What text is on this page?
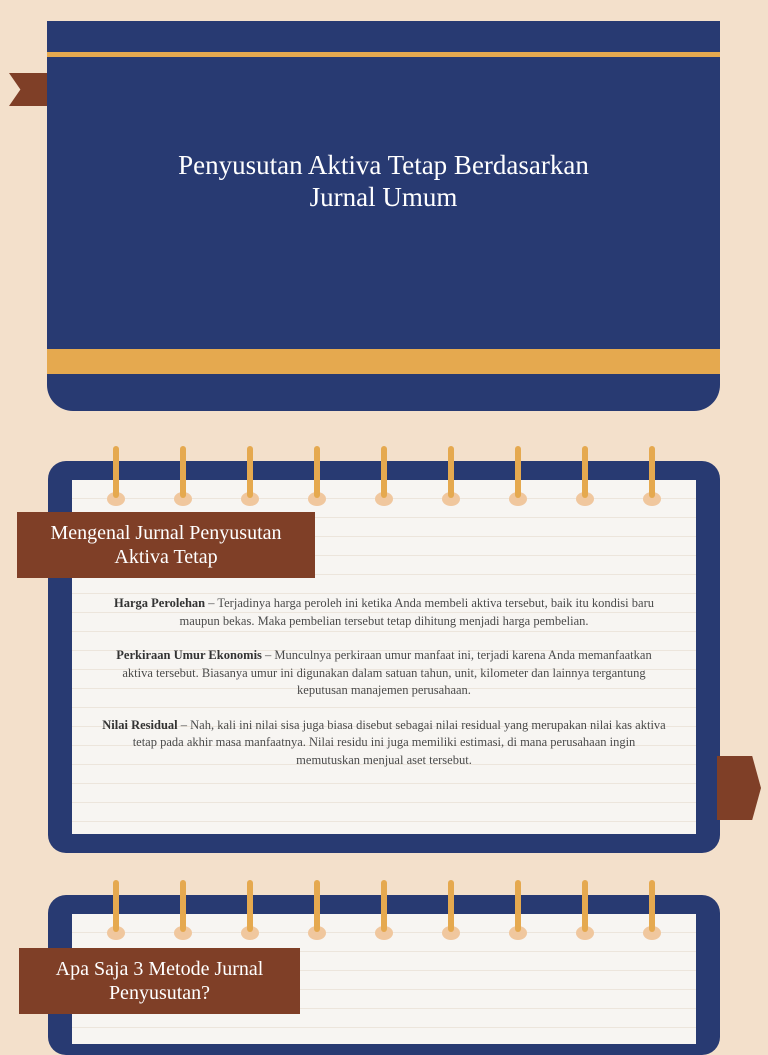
Penyusutan Aktiva Tetap Berdasarkan
Jurnal Umum
Mengenal Jurnal Penyusutan
Aktiva Tetap

Harga Perolehan – Terjadinya harga peroleh ini ketika Anda membeli aktiva tersebut, baik itu kondisi baru maupun bekas. Maka pembelian tersebut tetap dihitung menjadi harga pembelian.

Perkiraan Umur Ekonomis – Munculnya perkiraan umur manfaat ini, terjadi karena Anda memanfaatkan aktiva tersebut. Biasanya umur ini digunakan dalam satuan tahun, unit, kilometer dan lainnya tergantung keputusan manajemen perusahaan.

Nilai Residual – Nah, kali ini nilai sisa juga biasa disebut sebagai nilai residual yang merupakan nilai kas aktiva tetap pada akhir masa manfaatnya. Nilai residu ini juga memiliki estimasi, di mana perusahaan ingin memutuskan menjual aset tersebut.

Apa Saja 3 Metode Jurnal
Penyusutan?
